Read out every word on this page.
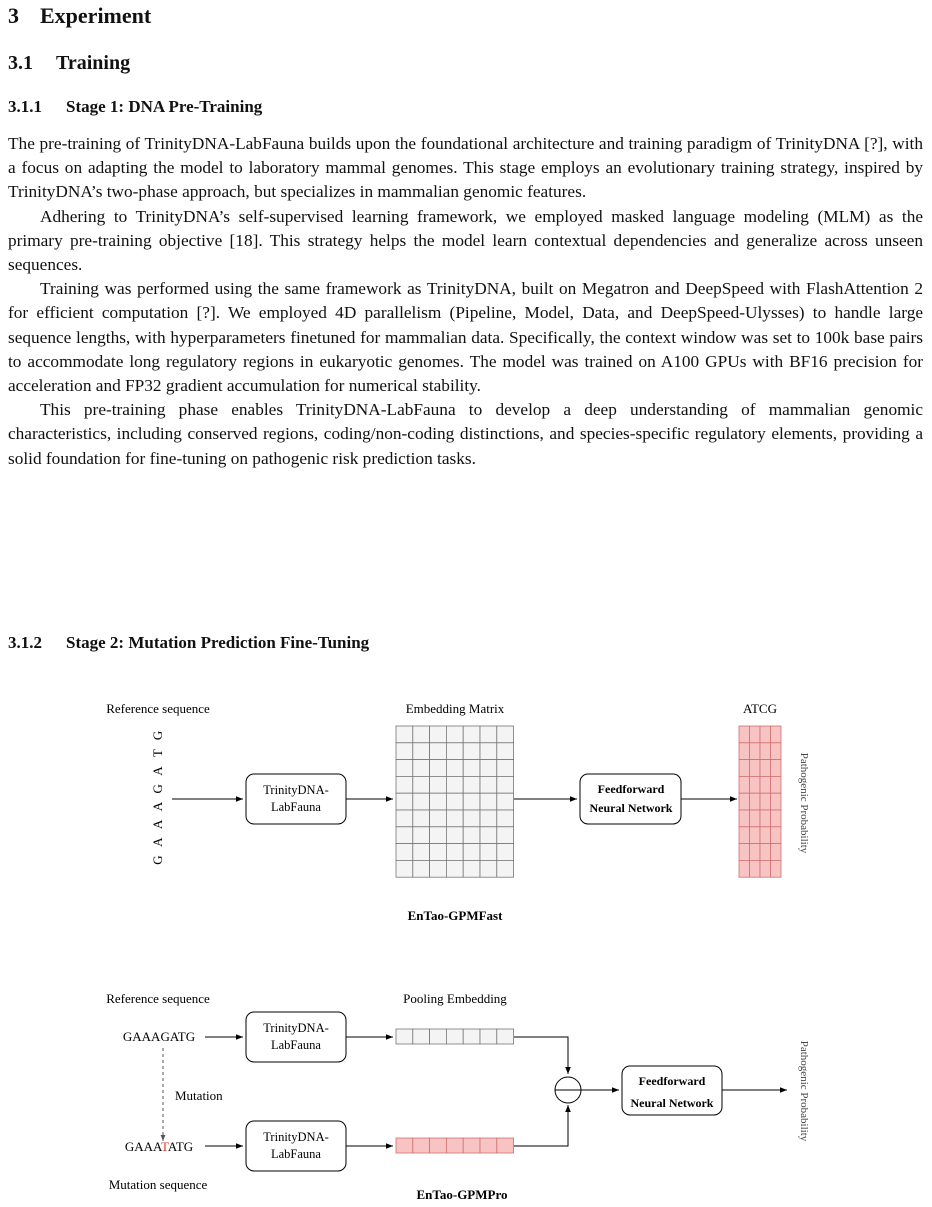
3 Experiment
3.1 Training
3.1.1 Stage 1: DNA Pre-Training

The pre-training of TrinityDNA-LabFauna builds upon the foundational architecture and training paradigm of TrinityDNA [?], with a focus on adapting the model to laboratory mammal genomes. This stage employs an evolutionary training strategy, inspired by TrinityDNA’s two-phase approach, but specializes in mammalian genomic features.

Adhering to TrinityDNA’s self-supervised learning framework, we employed masked language modeling (MLM) as the primary pre-training objective [18]. This strategy helps the model learn contextual dependencies and generalize across unseen sequences.

Training was performed using the same framework as TrinityDNA, built on Megatron and DeepSpeed with FlashAttention 2 for efficient computation [?]. We employed 4D parallelism (Pipeline, Model, Data, and DeepSpeed-Ulysses) to handle large sequence lengths, with hyperparameters finetuned for mammalian data. Specifically, the context window was set to 100k base pairs to accommodate long regulatory regions in eukaryotic genomes. The model was trained on A100 GPUs with BF16 precision for acceleration and FP32 gradient accumulation for numerical stability.

This pre-training phase enables TrinityDNA-LabFauna to develop a deep understanding of mammalian genomic characteristics, including conserved regions, coding/non-coding distinctions, and species-specific regulatory elements, providing a solid foundation for fine-tuning on pathogenic risk prediction tasks.

3.1.2 Stage 2: Mutation Prediction Fine-Tuning
Reference sequence
G
A
A
A
G
A
T
G
TrinityDNA-
LabFauna
Embedding Matrix
Feedforward
Neural Network
ATCG
Pathogenic Probability
EnTao-GPMFast
Reference sequence
GAAAGATG
TrinityDNA-
LabFauna
Pooling Embedding
Mutation
GAAATATG
TrinityDNA-
LabFauna
Mutation sequence
Feedforward
Neural Network	Pathogenic Probability
EnTao-GPMPro
